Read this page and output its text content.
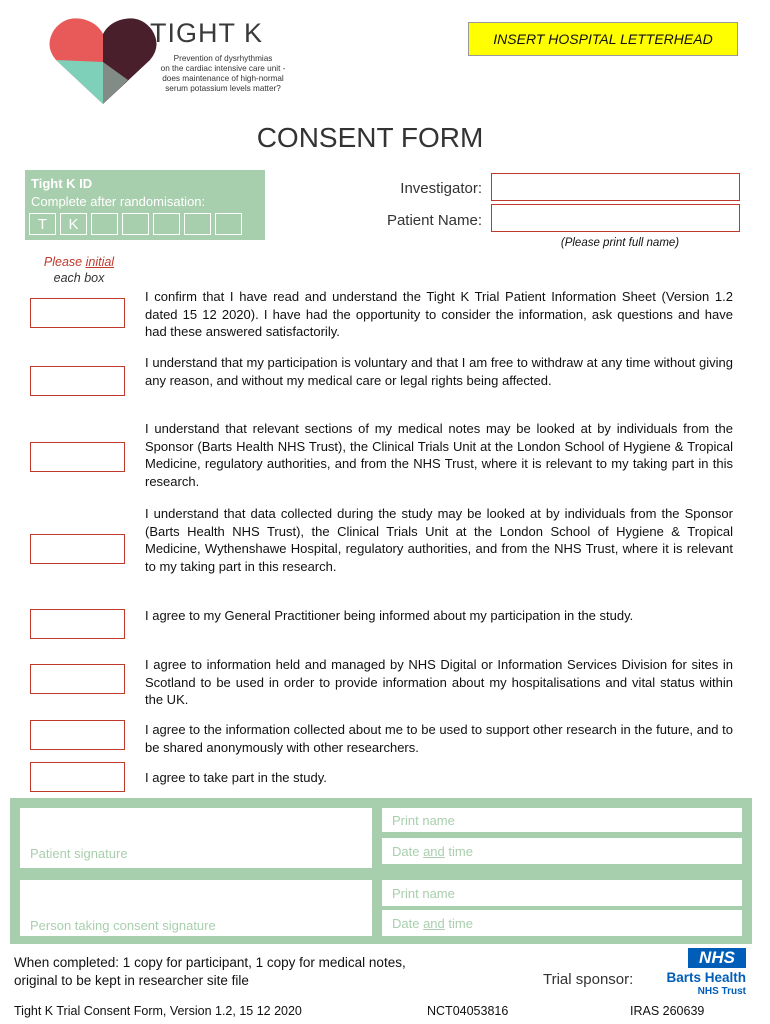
TIGHT K
Prevention of dysrhythmias
on the cardiac intensive care unit -
does maintenance of high-normal
serum potassium levels matter?
INSERT HOSPITAL LETTERHEAD
CONSENT FORM
Tight K ID
Complete after randomisation:
T	K
Investigator:
Patient Name:
(Please print full name)
Please initial
each box
I confirm that I have read and understand the Tight K Trial Patient Information Sheet (Version 1.2 dated 15 12 2020). I have had the opportunity to consider the information, ask questions and have had these answered satisfactorily.
I understand that my participation is voluntary and that I am free to withdraw at any time without giving any reason, and without my medical care or legal rights being affected.
I understand that relevant sections of my medical notes may be looked at by individuals from the Sponsor (Barts Health NHS Trust), the Clinical Trials Unit at the London School of Hygiene & Tropical Medicine, regulatory authorities, and from the NHS Trust, where it is relevant to my taking part in this research.
I understand that data collected during the study may be looked at by individuals from the Sponsor (Barts Health NHS Trust), the Clinical Trials Unit at the London School of Hygiene & Tropical Medicine, Wythenshawe Hospital, regulatory authorities, and from the NHS Trust, where it is relevant to my taking part in this research.
I agree to my General Practitioner being informed about my participation in the study.
I agree to information held and managed by NHS Digital or Information Services Division for sites in Scotland to be used in order to provide information about my hospitalisations and vital status within the UK.
I agree to the information collected about me to be used to support other research in the future, and to be shared anonymously with other researchers.
I agree to take part in the study.
Patient signature
Print name
Date and time
Person taking consent signature
Print name
Date and time
When completed: 1 copy for participant, 1 copy for medical notes,
original to be kept in researcher site file	Trial sponsor:
NHS
Barts Health
NHS Trust
Tight K Trial Consent Form, Version 1.2, 15 12 2020	NCT04053816	IRAS 260639
